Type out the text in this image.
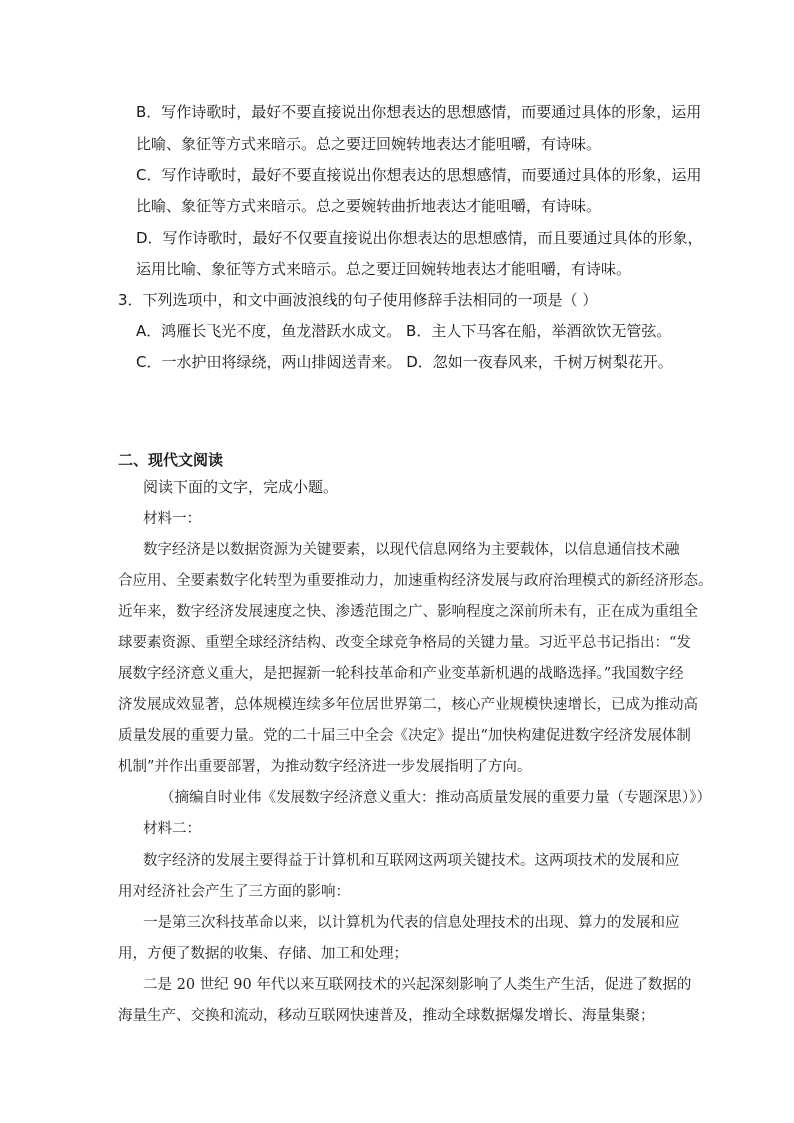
B．写作诗歌时，最好不要直接说出你想表达的思想感情，而要通过具体的形象，运用
比喻、象征等方式来暗示。总之要迂回婉转地表达才能咀嚼，有诗味。
C．写作诗歌时，最好不要直接说出你想表达的思想感情，而要通过具体的形象，运用
比喻、象征等方式来暗示。总之要婉转曲折地表达才能咀嚼，有诗味。
D．写作诗歌时，最好不仅要直接说出你想表达的思想感情，而且要通过具体的形象，
运用比喻、象征等方式来暗示。总之要迂回婉转地表达才能咀嚼，有诗味。
3．下列选项中，和文中画波浪线的句子使用修辞手法相同的一项是（ ）
A．鸿雁长飞光不度，鱼龙潜跃水成文。 B．主人下马客在船，举酒欲饮无管弦。
C．一水护田将绿绕，两山排闼送青来。 D．忽如一夜春风来，千树万树梨花开。
二、现代文阅读
阅读下面的文字，完成小题。
材料一：
数字经济是以数据资源为关键要素，以现代信息网络为主要载体，以信息通信技术融
合应用、全要素数字化转型为重要推动力，加速重构经济发展与政府治理模式的新经济形态。
近年来，数字经济发展速度之快、渗透范围之广、影响程度之深前所未有，正在成为重组全
球要素资源、重塑全球经济结构、改变全球竞争格局的关键力量。习近平总书记指出：“发
展数字经济意义重大，是把握新一轮科技革命和产业变革新机遇的战略选择。”我国数字经
济发展成效显著，总体规模连续多年位居世界第二，核心产业规模快速增长，已成为推动高
质量发展的重要力量。党的二十届三中全会《决定》提出“加快构建促进数字经济发展体制
机制”并作出重要部署，为推动数字经济进一步发展指明了方向。
（摘编自时业伟《发展数字经济意义重大：推动高质量发展的重要力量（专题深思）》）
材料二：
数字经济的发展主要得益于计算机和互联网这两项关键技术。这两项技术的发展和应
用对经济社会产生了三方面的影响：
一是第三次科技革命以来，以计算机为代表的信息处理技术的出现、算力的发展和应
用，方便了数据的收集、存储、加工和处理；
二是 20 世纪 90 年代以来互联网技术的兴起深刻影响了人类生产生活，促进了数据的
海量生产、交换和流动，移动互联网快速普及，推动全球数据爆发增长、海量集聚；
